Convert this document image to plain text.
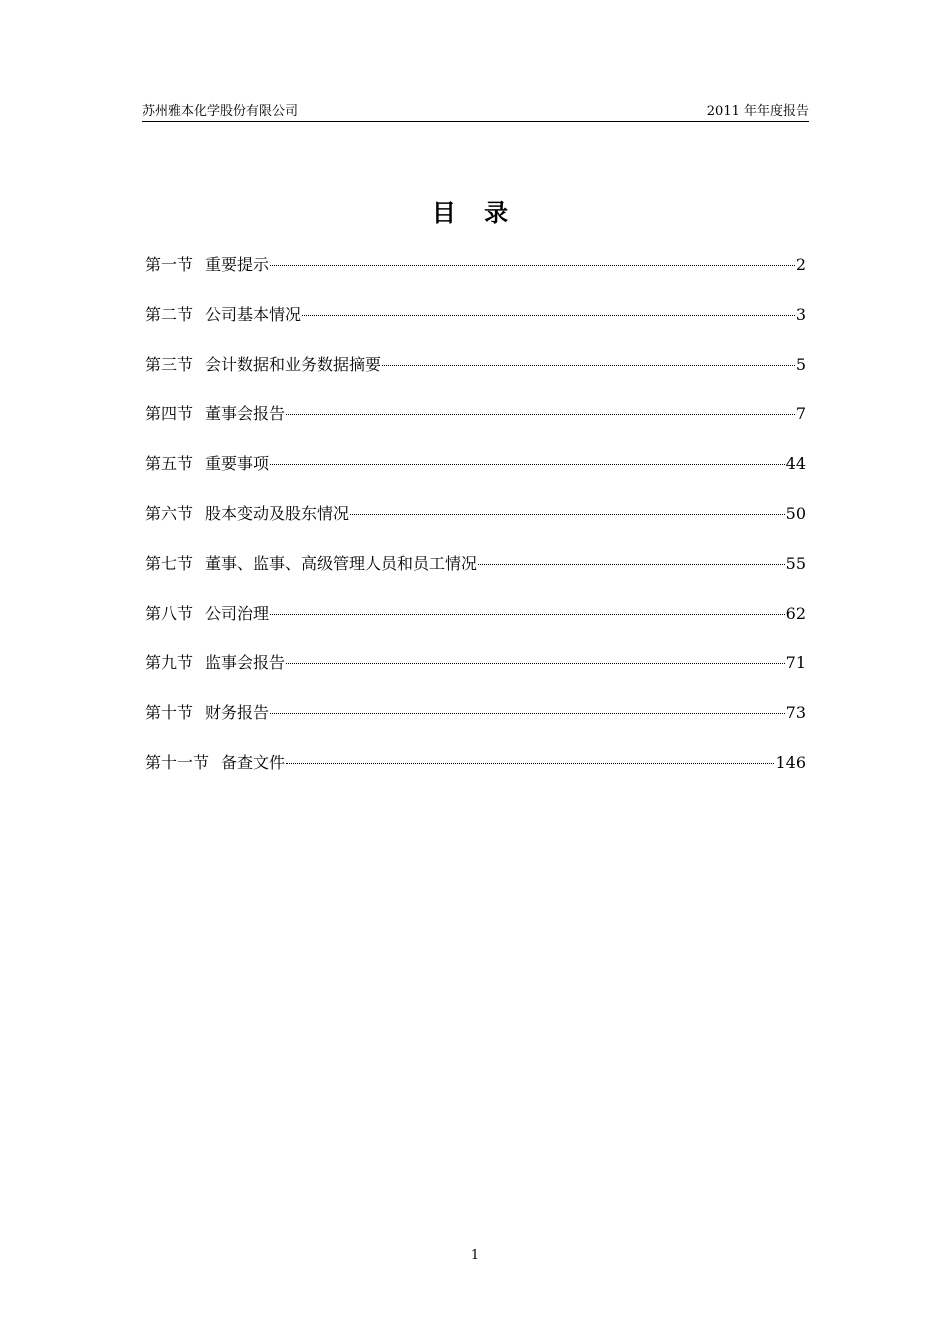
苏州雅本化学股份有限公司	2011 年年度报告
目 录
第一节 重要提示	2
第二节 公司基本情况	3
第三节 会计数据和业务数据摘要	5
第四节 董事会报告	7
第五节 重要事项	44
第六节 股本变动及股东情况	50
第七节 董事、监事、高级管理人员和员工情况	55
第八节 公司治理	62
第九节 监事会报告	71
第十节 财务报告	73
第十一节 备查文件	146
1
